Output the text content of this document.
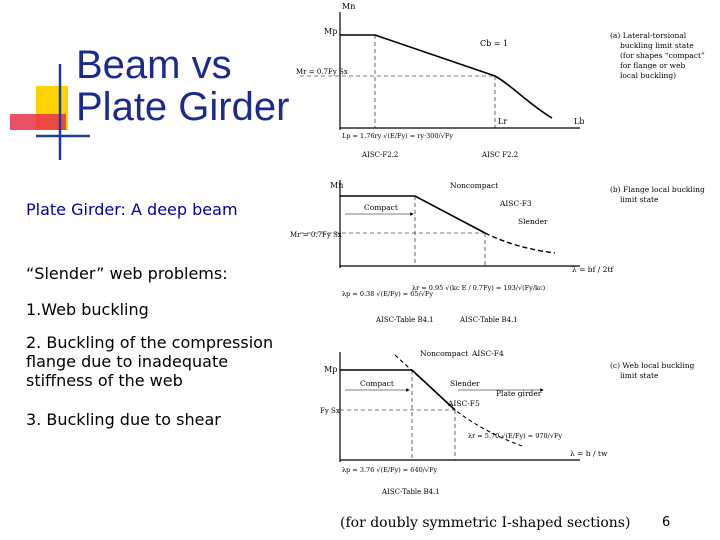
Beam vs
Plate Girder
Plate Girder: A deep beam
“Slender” web problems:
1.Web buckling
2. Buckling of the compression flange due to inadequate stiffness of the web
3. Buckling due to shear
Mn
Mp
Mr = 0.7Fy Sx
Cb = 1
Lr	Lb
Lp = 1.76ry √(E/Fy) = ry·300/√Fy
AISC-F2.2	AISC F2.2
(a) Lateral-torsional buckling limit state (for shapes “compact” for flange or web local buckling)
Mn
Mr = 0.7Fy Sx
Noncompact
Compact	AISC-F3
Slender
λ = bf / 2tf
λp = 0.38 √(E/Fy) = 65/√Fy
λr = 0.95 √(kc E / 0.7Fy) = 193/√(Fy/kc)
AISC-Table B4.1	AISC-Table B4.1
(b) Flange local buckling limit state
Mp
Fy Sx
Noncompact AISC-F4
Compact	Slender
Plate girder
AISC-F5
λr = 5.70 √(E/Fy) = 970/√Fy
λ = h / tw
λp = 3.76 √(E/Fy) = 640/√Fy
AISC-Table B4.1
(c) Web local buckling limit state
(for doubly symmetric I-shaped sections) 6
